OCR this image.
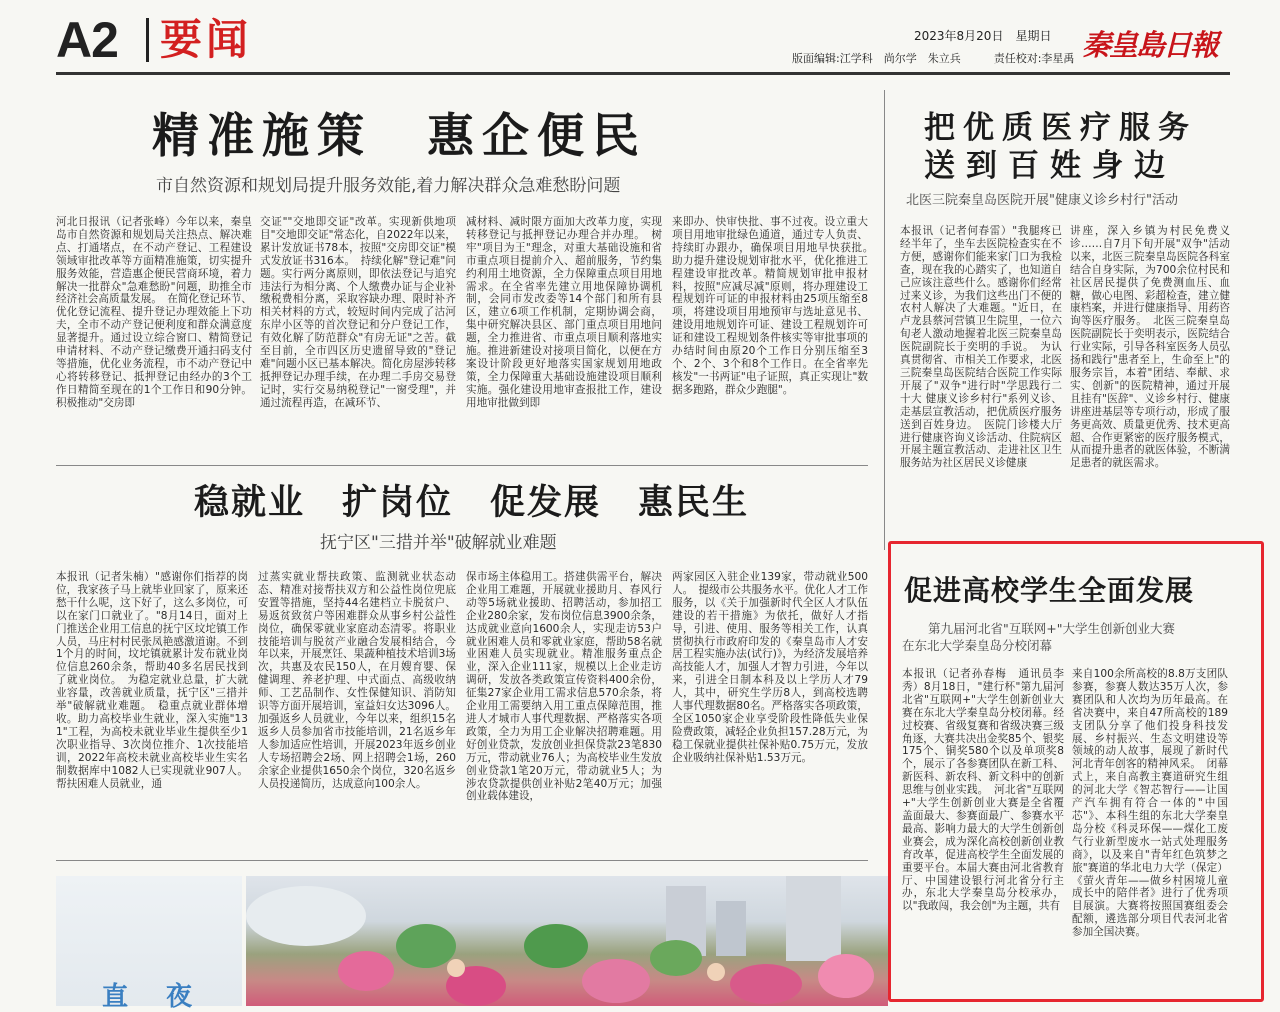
A2 要闻	2023年8月20日　星期日
版面编辑:江学科　尚尔学　朱立兵　　　责任校对:李星禹 秦皇島日報
精准施策　惠企便民
市自然资源和规划局提升服务效能,着力解决群众急难愁盼问题
河北日报讯（记者张峰）今年以来，秦皇岛市自然资源和规划局关注热点、解决难点、打通堵点，在不动产登记、工程建设领域审批改革等方面精准施策，切实提升服务效能，营造惠企便民营商环境，着力解决一批群众"急难愁盼"问题，助推全市经济社会高质量发展。　在简化登记环节、优化登记流程、提升登记办理效能上下功夫，全市不动产登记便利度和群众满意度显著提升。通过设立综合窗口、精简登记申请材料、不动产登记缴费开通扫码支付等措施，优化业务流程，市不动产登记中心将转移登记、抵押登记由经办的3个工作日精简至现在的1个工作日和90分钟。积极推动"交房即
交证""交地即交证"改革。实现新供地项目"交地即交证"常态化，自2022年以来，累计发放证书78本，按照"交房即交证"模式发放证书316本。　持续化解"登记难"问题。实行两分离原则，即依法登记与追究违法行为相分离、个人缴费办证与企业补缴税费相分离，采取容缺办理、限时补齐相关材料的方式，较短时间内完成了沽河东岸小区等的首次登记和分户登记工作，有效化解了防范群众"有房无证"之苦。截至目前，全市四区历史遗留导致的"登记难"问题小区已基本解决。简化房屋涉转移抵押登记办理手续，在办理二手房交易登记时，实行交易纳税登记"一窗受理"，并通过流程再造，在减环节、
减材料、减时限方面加大改革力度，实现转移登记与抵押登记办理合并办理。　树牢"项目为王"理念，对重大基础设施和省市重点项目提前介入、超前服务，节约集约利用土地资源，全力保障重点项目用地需求。在全省率先建立用地保障协调机制，会同市发改委等14个部门和所有县区，建立6项工作机制，定期协调会商，集中研究解决县区、部门重点项目用地问题，全力推进省、市重点项目顺利落地实施。推进新建设对接项目简化，以便在方案设计阶段更好地落实国家规划用地政策，全力保障重大基础设施建设项目顺利实施。强化建设用地审查报批工作，建设用地审批做到即
来即办、快审快批、事不过夜。设立重大项目用地审批绿色通道，通过专人负责、持续盯办跟办，确保项目用地早快获批。　助力提升建设规划审批水平，优化推进工程建设审批改革。精简规划审批申报材料，按照"应减尽减"原则，将办理建设工程规划许可证的申报材料由25项压缩至8项，将建设项目用地预审与选址意见书、建设用地规划许可证、建设工程规划许可证和建设工程规划条件核实等审批事项的办结时间由原20个工作日分别压缩至3个、2个、3个和8个工作日。在全省率先核发"一书两证"电子证照，真正实现让"数据多跑路，群众少跑腿"。
稳就业　扩岗位　促发展　惠民生
抚宁区"三措并举"破解就业难题
本报讯（记者朱楠）"感谢你们指荐的岗位，我家孩子马上就毕业回家了，原来还愁干什么呢，这下好了，这么多岗位，可以在家门口就业了。"8月14日，面对上门推送企业用工信息的抚宁区坟坨镇工作人员，马庄村村民张凤艳感激道谢。不到1个月的时间，坟坨镇就累计发布就业岗位信息260余条，帮助40多名居民找到了就业岗位。　为稳定就业总量，扩大就业容量，改善就业质量，抚宁区"三措并举"破解就业难题。　稳重点就业群体增收。助力高校毕业生就业，深入实施"131"工程，为高校未就业毕业生提供至少1次职业指导、3次岗位推介、1次技能培训，2022年高校未就业高校毕业生实名制数据库中1082人已实现就业907人。帮扶困难人员就业，通
过蒸实就业帮扶政策、监测就业状态动态、精准对接帮扶双方和公益性岗位兜底安置等措施，坚持44名建档立卡脱贫户、易返贫致贫户等困难群众从事乡村公益性岗位，确保零就业家庭动态清零。将职业技能培训与脱贫产业融合发展相结合，今年以来，开展烹饪、果蔬种植技术培训3场次，共惠及农民150人，在月嫂育婴、保健调理、养老护理、中式面点、高级收纳师、工艺品制作、女性保健知识、消防知识等方面开展培训，室益妇女达3096人。加强返乡人员就业，今年以来，组织15名返乡人员参加省市技能培训，21名返乡年人参加适应性培训，开展2023年返乡创业人专场招聘会2场、网上招聘会1场，260余家企业提供1650余个岗位，320名返乡人员投递简历，达成意向100余人。
保市场主体稳用工。搭建供需平台，解决企业用工难题，开展就业援助月、春风行动等5场就业援助、招聘活动，参加招工企业280余家，发布岗位信息3900余条，达成就业意向1600余人，实现走访53户就业困难人员和零就业家庭，帮助58名就业困难人员实现就业。精准服务重点企业，深入企业111家，规模以上企业走访调研，发放各类政策宣传资料400余份，征集27家企业用工需求信息570余条，将企业用工需要纳入用工重点保障范围，推进人才城市人事代理数据、严格落实各项政策，全力为用工企业解决招聘难题。用好创业贷款，发放创业担保贷款23笔830万元，带动就业76人；为高校毕业生发放创业贷款1笔20万元，带动就业5人；为涉农贷款提供创业补贴2笔40万元；加强创业载体建设，
两家园区入驻企业139家，带动就业500人。　提级市公共服务水平。优化人才工作服务，以《关于加强新时代全区人才队伍建设的若干措施》为依托，做好人才指导，引进、使用、服务等相关工作，认真贯彻执行市政府印发的《秦皇岛市人才安居工程实施办法(试行)》，为经济发展培养高技能人才，加强人才智力引进，今年以来，引进全日制本科及以上学历人才79人，其中，研究生学历8人，到高校选聘人事代理数据80名。严格落实各项政策，全区1050家企业享受阶段性降低失业保险费政策，减轻企业负担157.28万元，为稳工保就业提供社保补贴0.75万元，发放企业吸纳社保补贴1.53万元。
直　夜
把优质医疗服务
送到百姓身边
北医三院秦皇岛医院开展"健康义诊乡村行"活动
本报讯（记者何春雷）"我腿疼已经半年了，坐车去医院检查实在不方便，感谢你们能来家门口为我检查，现在我的心踏实了，也知道自己应该注意些什么。感谢你们经常过来义诊，为我们这些出门不便的农村人解决了大难题。"近日，在卢龙县蔡河营镇卫生院里，一位六旬老人激动地握着北医三院秦皇岛医院副院长于奕明的手说。　为认真贯彻省、市相关工作要求，北医三院秦皇岛医院结合医院工作实际开展了"双争"进行时"学思践行二十大 健康义诊乡村行"系列义诊、走基层宣教活动，把优质医疗服务送到百姓身边。　医院门诊楼大厅进行健康咨询义诊活动、住院病区开展主题宣教活动、走进社区卫生服务站为社区居民义诊健康
讲座，深入乡镇为村民免费义诊……自7月下旬开展"双争"活动以来，北医三院秦皇岛医院各科室结合自身实际，为700余位村民和社区居民提供了免费测血压、血糖，做心电图、彩超检查，建立健康档案，并进行健康指导、用药咨询等医疗服务。　北医三院秦皇岛医院副院长于奕明表示，医院结合行业实际，引导各科室医务人员弘扬和践行"患者至上，生命至上"的服务宗旨，本着"团结、奉献、求实、创新"的医院精神，通过开展且挂有"医辞"、义诊乡村行、健康讲座进基层等专项行动，形成了服务更高效、质量更优秀、技术更高超、合作更紧密的医疗服务模式，从而提升患者的就医体验，不断满足患者的就医需求。
促进高校学生全面发展
第九届河北省"互联网+"大学生创新创业大赛
在东北大学秦皇岛分校闭幕
本报讯（记者孙春梅　通讯员李秀）8月18日，"建行杯"第九届河北省"互联网+"大学生创新创业大赛在东北大学秦皇岛分校闭幕。经过校赛、省级复赛和省级决赛三级角逐，大赛共决出金奖85个、银奖175个、铜奖580个以及单项奖8个，展示了各参赛团队在新工科、新医科、新农科、新文科中的创新思维与创业实践。　河北省"互联网+"大学生创新创业大赛是全省覆盖面最大、参赛面最广、参赛水平最高、影响力最大的大学生创新创业赛会，成为深化高校创新创业教育改革，促进高校学生全面发展的重要平台。本届大赛由河北省教育厅、中国建设银行河北省分行主办，东北大学秦皇岛分校承办，以"我敢闯，我会创"为主题，共有
来自100余所高校的8.8万支团队参赛，参赛人数达35万人次，参赛团队和人次均为历年最高。在省决赛中，来自47所高校的189支团队分享了他们投身科技发展、乡村振兴、生态文明建设等领域的动人故事，展现了新时代河北青年创客的精神风采。　闭幕式上，来自高教主赛道研究生组的河北大学《智芯智行——让国产汽车拥有符合一体的"中国芯"》、本科生组的东北大学秦皇岛分校《科灵环保——煤化工废气行业新型废水一站式处理服务商》，以及来自"青年红色筑梦之旅"赛道的华北电力大学（保定）《萤火青年——做乡村困境儿童成长中的陪伴者》进行了优秀项目展演。大赛将按照国赛组委会配额，遴选部分项目代表河北省参加全国决赛。
